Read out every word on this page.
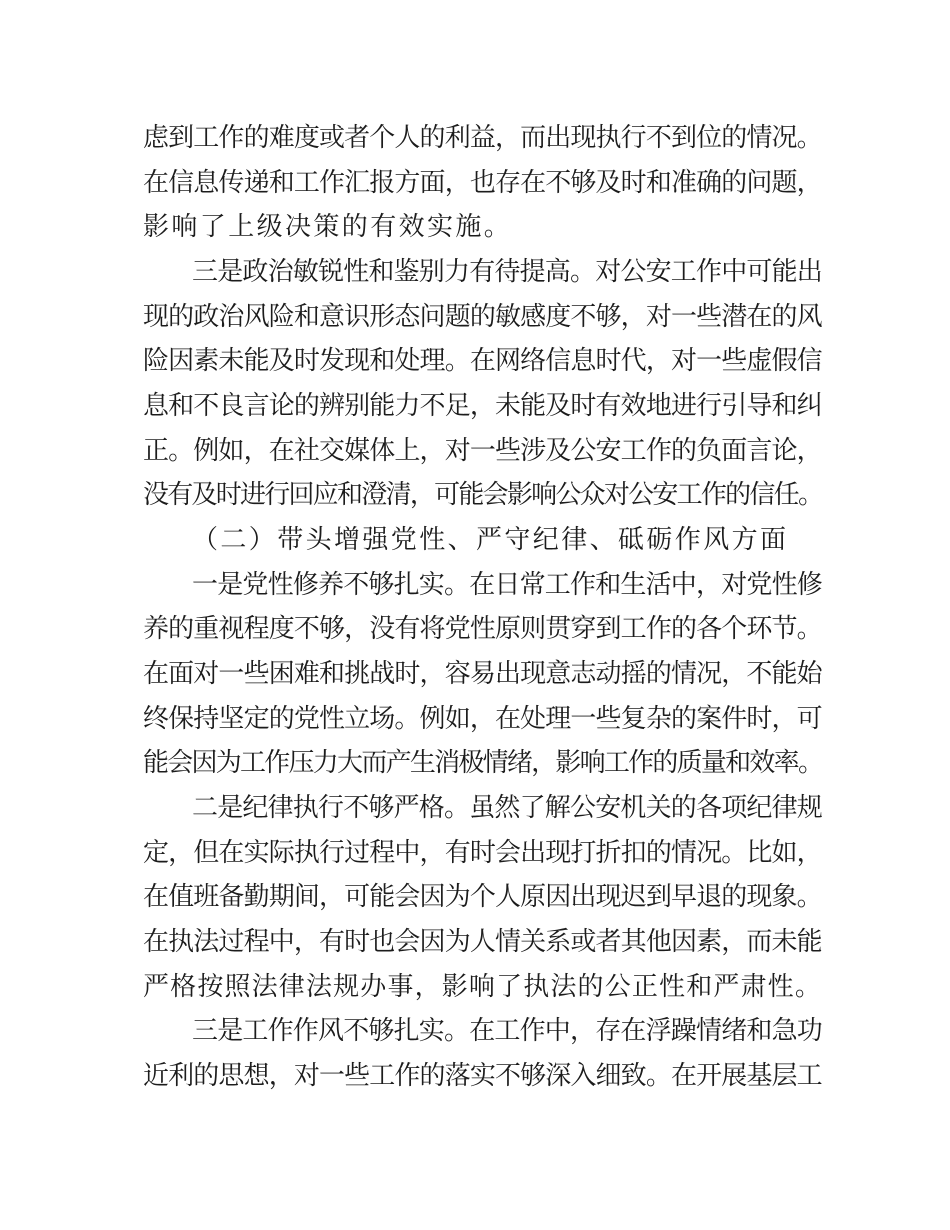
虑到工作的难度或者个人的利益，而出现执行不到位的情况。
在信息传递和工作汇报方面，也存在不够及时和准确的问题，
影响了上级决策的有效实施。
三是政治敏锐性和鉴别力有待提高。对公安工作中可能出
现的政治风险和意识形态问题的敏感度不够，对一些潜在的风
险因素未能及时发现和处理。在网络信息时代，对一些虚假信
息和不良言论的辨别能力不足，未能及时有效地进行引导和纠
正。例如，在社交媒体上，对一些涉及公安工作的负面言论，
没有及时进行回应和澄清，可能会影响公众对公安工作的信任。
（二）带头增强党性、严守纪律、砥砺作风方面
一是党性修养不够扎实。在日常工作和生活中，对党性修
养的重视程度不够，没有将党性原则贯穿到工作的各个环节。
在面对一些困难和挑战时，容易出现意志动摇的情况，不能始
终保持坚定的党性立场。例如，在处理一些复杂的案件时，可
能会因为工作压力大而产生消极情绪，影响工作的质量和效率。
二是纪律执行不够严格。虽然了解公安机关的各项纪律规
定，但在实际执行过程中，有时会出现打折扣的情况。比如，
在值班备勤期间，可能会因为个人原因出现迟到早退的现象。
在执法过程中，有时也会因为人情关系或者其他因素，而未能
严格按照法律法规办事，影响了执法的公正性和严肃性。
三是工作作风不够扎实。在工作中，存在浮躁情绪和急功
近利的思想，对一些工作的落实不够深入细致。在开展基层工
